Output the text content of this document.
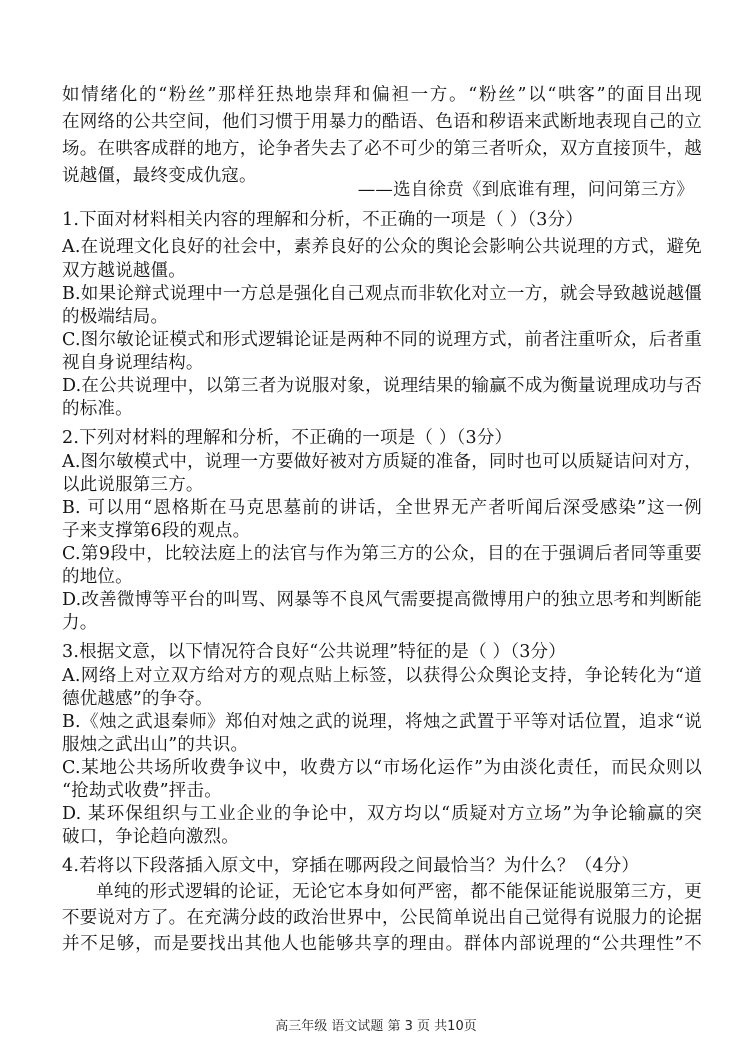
如情绪化的“粉丝”那样狂热地崇拜和偏袒一方。“粉丝”以“哄客”的面目出现
在网络的公共空间，他们习惯于用暴力的酷语、色语和秽语来武断地表现自己的立
场。在哄客成群的地方，论争者失去了必不可少的第三者听众，双方直接顶牛，越
说越僵，最终变成仇寇。
——选自徐贲《到底谁有理，问问第三方》
1.下面对材料相关内容的理解和分析，不正确的一项是（ ）（3分）
A.在说理文化良好的社会中，素养良好的公众的舆论会影响公共说理的方式，避免
双方越说越僵。
B.如果论辩式说理中一方总是强化自己观点而非软化对立一方，就会导致越说越僵
的极端结局。
C.图尔敏论证模式和形式逻辑论证是两种不同的说理方式，前者注重听众，后者重
视自身说理结构。
D.在公共说理中，以第三者为说服对象，说理结果的输赢不成为衡量说理成功与否
的标准。
2.下列对材料的理解和分析，不正确的一项是（ ）（3分）
A.图尔敏模式中，说理一方要做好被对方质疑的准备，同时也可以质疑诘问对方，
以此说服第三方。
B. 可以用“恩格斯在马克思墓前的讲话，全世界无产者听闻后深受感染”这一例
子来支撑第6段的观点。
C.第9段中，比较法庭上的法官与作为第三方的公众，目的在于强调后者同等重要
的地位。
D.改善微博等平台的叫骂、网暴等不良风气需要提高微博用户的独立思考和判断能
力。
3.根据文意，以下情况符合良好“公共说理”特征的是（ ）（3分）
A.网络上对立双方给对方的观点贴上标签，以获得公众舆论支持，争论转化为“道
德优越感”的争夺。
B.《烛之武退秦师》郑伯对烛之武的说理，将烛之武置于平等对话位置，追求“说
服烛之武出山”的共识。
C.某地公共场所收费争议中，收费方以“市场化运作”为由淡化责任，而民众则以
“抢劫式收费”抨击。
D. 某环保组织与工业企业的争论中，双方均以“质疑对方立场”为争论输赢的突
破口，争论趋向激烈。
4.若将以下段落插入原文中，穿插在哪两段之间最恰当？为什么？（4分）
单纯的形式逻辑的论证，无论它本身如何严密，都不能保证能说服第三方，更
不要说对方了。在充满分歧的政治世界中，公民简单说出自己觉得有说服力的论据
并不足够，而是要找出其他人也能够共享的理由。群体内部说理的“公共理性”不
高三年级 语文试题 第 3 页 共10页
